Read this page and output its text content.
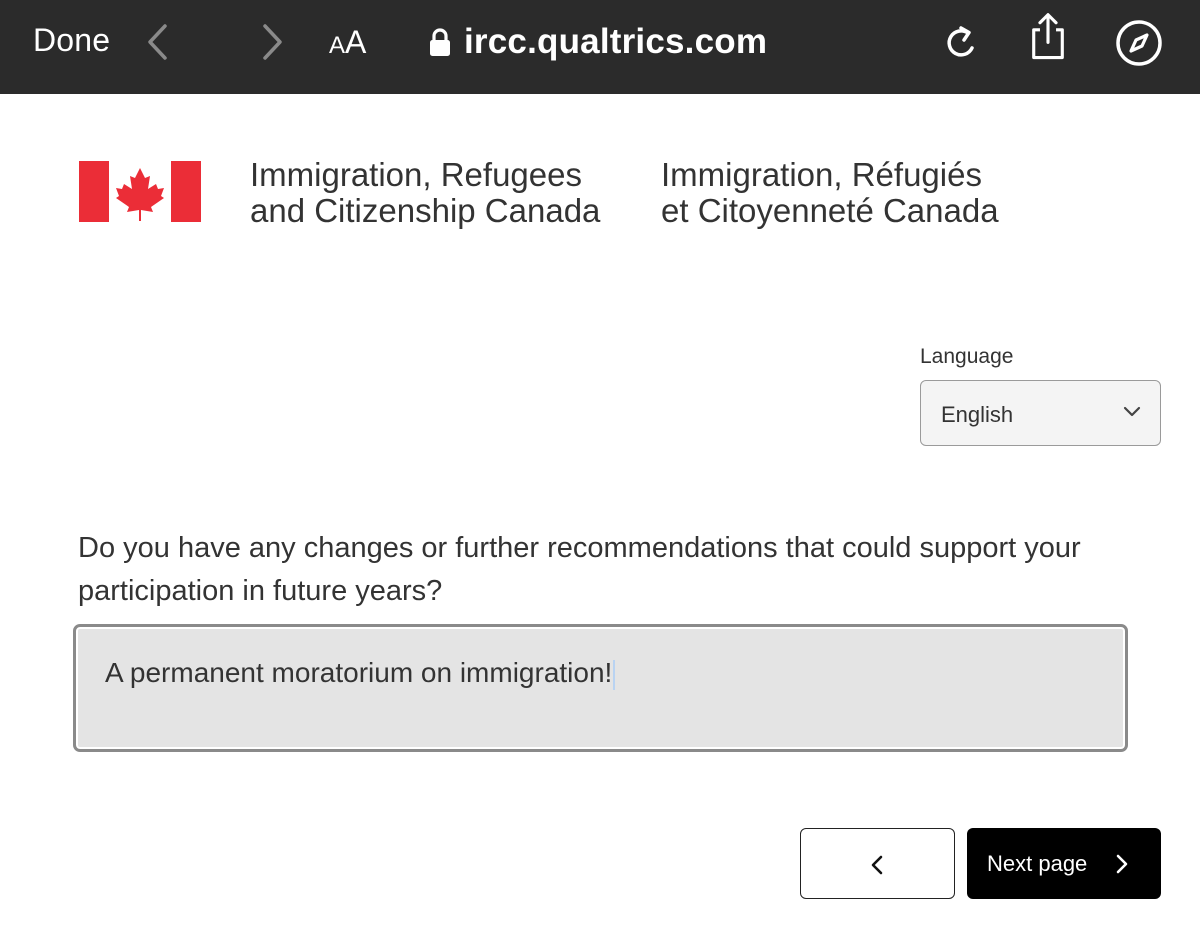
Done	AA	ircc.qualtrics.com
Immigration, Refugees
and Citizenship Canada
Immigration, Réfugiés
et Citoyenneté Canada
Language
English
Do you have any changes or further recommendations that could support your participation in future years?
A permanent moratorium on immigration!
Next page
